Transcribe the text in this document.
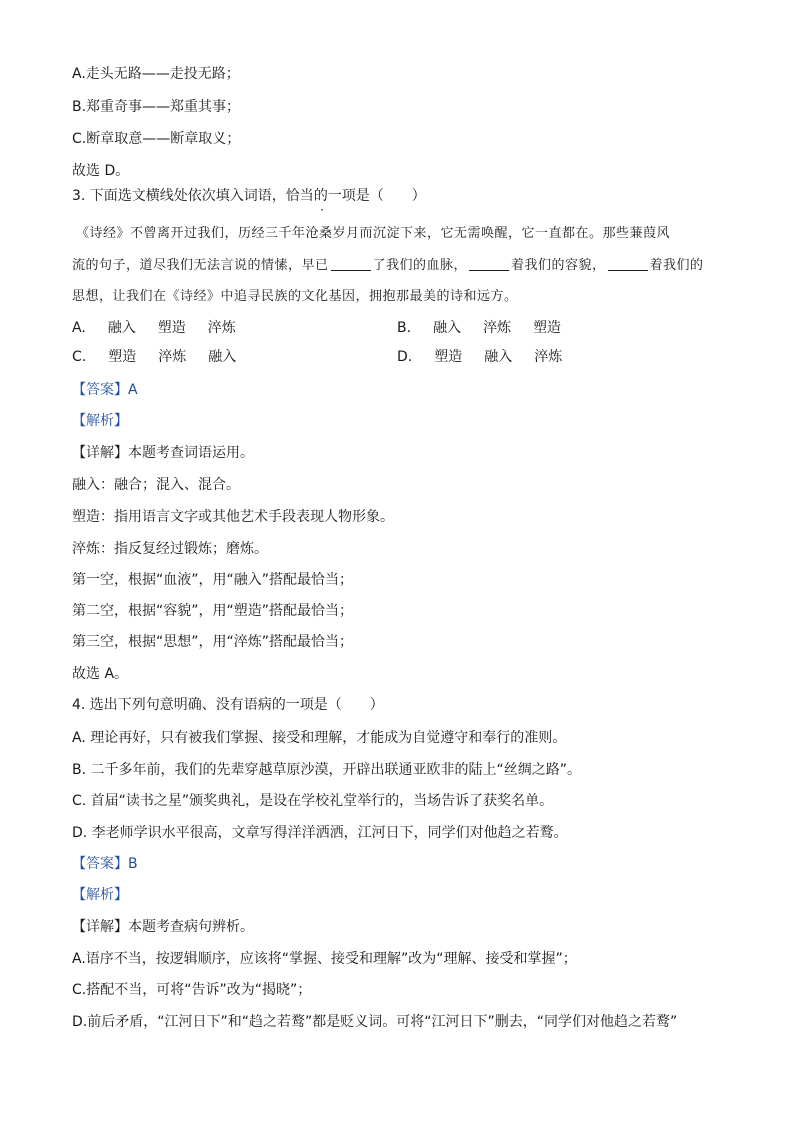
A.走头无路——走投无路；
B.郑重奇事——郑重其事；
C.断章取意——断章取义；
故选 D。
3. 下面选文横线处依次填入词语，恰当的一项是（　　）
《诗经》不曾离开过我们，历经三千年沧桑岁月而沉淀下来，它无需唤醒，它一直都在。那些蒹葭风
流的句子，道尽我们无法言说的情愫，早已	了我们的血脉，	着我们的容貌，	着我们的
思想，让我们在《诗经》中追寻民族的文化基因，拥抱那最美的诗和远方。
A. 融入 塑造 淬炼	B. 融入 淬炼 塑造
C. 塑造 淬炼 融入	D. 塑造 融入 淬炼
【答案】A
【解析】
【详解】本题考查词语运用。
融入：融合；混入、混合。
塑造：指用语言文字或其他艺术手段表现人物形象。
淬炼：指反复经过锻炼；磨炼。
第一空，根据“血液”，用“融入”搭配最恰当；
第二空，根据“容貌”，用“塑造”搭配最恰当；
第三空，根据“思想”，用“淬炼”搭配最恰当；
故选 A。
4. 选出下列句意明确、没有语病的一项是（　　）
A. 理论再好，只有被我们掌握、接受和理解，才能成为自觉遵守和奉行的准则。
B. 二千多年前，我们的先辈穿越草原沙漠，开辟出联通亚欧非的陆上“丝绸之路”。
C. 首届“读书之星”颁奖典礼，是设在学校礼堂举行的，当场告诉了获奖名单。
D. 李老师学识水平很高，文章写得洋洋洒洒，江河日下，同学们对他趋之若鹜。
【答案】B
【解析】
【详解】本题考查病句辨析。
A.语序不当，按逻辑顺序，应该将“掌握、接受和理解”改为“理解、接受和掌握”；
C.搭配不当，可将“告诉”改为“揭晓”；
D.前后矛盾，“江河日下”和“趋之若鹜”都是贬义词。可将“江河日下”删去，“同学们对他趋之若鹜”
